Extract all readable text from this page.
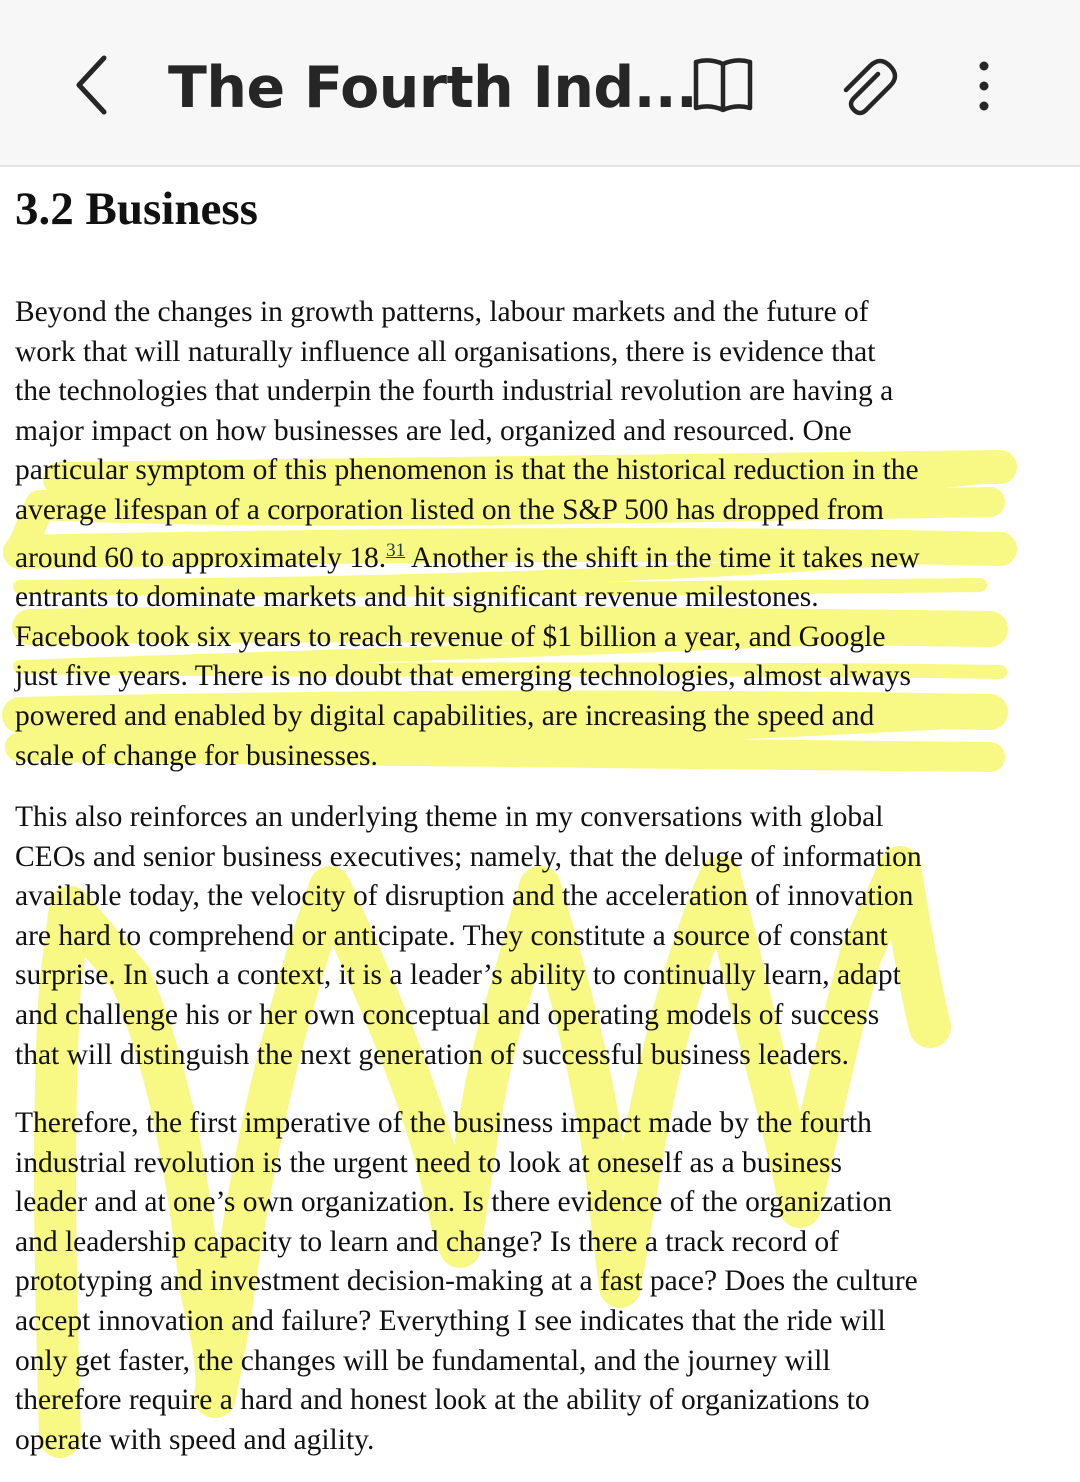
The Fourth Ind...
3.2 Business

Beyond the changes in growth patterns, labour markets and the future of
work that will naturally influence all organisations, there is evidence that
the technologies that underpin the fourth industrial revolution are having a
major impact on how businesses are led, organized and resourced. One
particular symptom of this phenomenon is that the historical reduction in the
average lifespan of a corporation listed on the S&P 500 has dropped from
around 60 to approximately 18.31 Another is the shift in the time it takes new
entrants to dominate markets and hit significant revenue milestones.
Facebook took six years to reach revenue of $1 billion a year, and Google
just five years. There is no doubt that emerging technologies, almost always
powered and enabled by digital capabilities, are increasing the speed and
scale of change for businesses.

This also reinforces an underlying theme in my conversations with global
CEOs and senior business executives; namely, that the deluge of information
available today, the velocity of disruption and the acceleration of innovation
are hard to comprehend or anticipate. They constitute a source of constant
surprise. In such a context, it is a leader’s ability to continually learn, adapt
and challenge his or her own conceptual and operating models of success
that will distinguish the next generation of successful business leaders.

Therefore, the first imperative of the business impact made by the fourth
industrial revolution is the urgent need to look at oneself as a business
leader and at one’s own organization. Is there evidence of the organization
and leadership capacity to learn and change? Is there a track record of
prototyping and investment decision-making at a fast pace? Does the culture
accept innovation and failure? Everything I see indicates that the ride will
only get faster, the changes will be fundamental, and the journey will
therefore require a hard and honest look at the ability of organizations to
operate with speed and agility.
